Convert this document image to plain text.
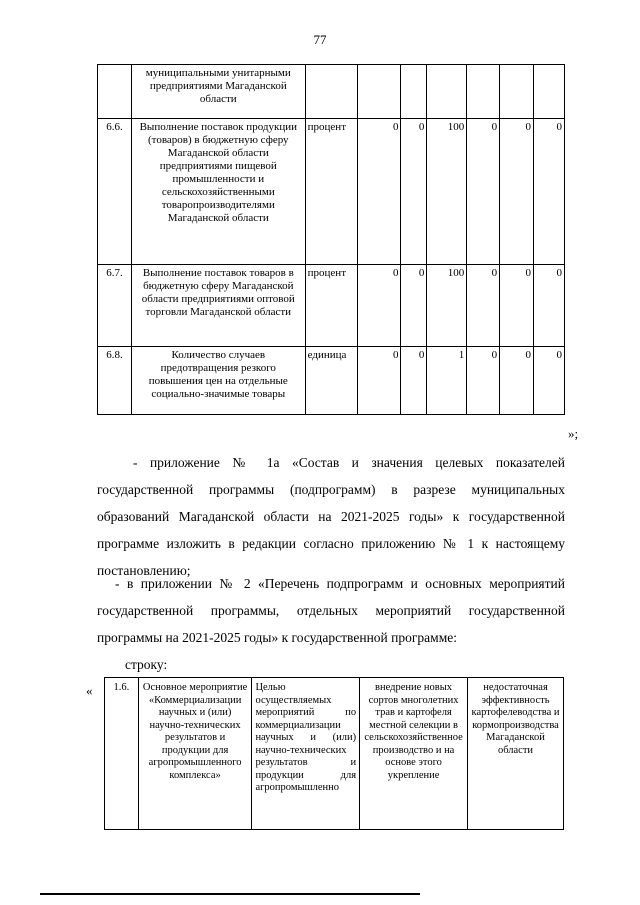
77
	муниципальными унитарными предприятиями Магаданской области							
6.6.	Выполнение поставок продукции (товаров) в бюджетную сферу Магаданской области предприятиями пищевой промышленности и сельскохозяйственными товаропроизводителями Магаданской области	процент	0	0	100	0	0	0
6.7.	Выполнение поставок товаров в бюджетную сферу Магаданской области предприятиями оптовой торговли Магаданской области	процент	0	0	100	0	0	0
6.8.	Количество случаев предотвращения резкого повышения цен на отдельные социально-значимые товары	единица	0	0	1	0	0	0
»;
- приложение № 1а «Состав и значения целевых показателей государственной программы (подпрограмм) в разрезе муниципальных образований Магаданской области на 2021-2025 годы» к государственной программе изложить в редакции согласно приложению № 1 к настоящему постановлению;
- в приложении № 2 «Перечень подпрограмм и основных мероприятий государственной программы, отдельных мероприятий государственной программы на 2021-2025 годы» к государственной программе:
строку:
« 1.6.	Основное мероприятие «Коммерциализации научных и (или) научно-технических результатов и продукции для агропромышленного комплекса»	Целью осуществляемых мероприятий по коммерциализации научных и (или) научно-технических результатов и продукции для агропромышленно	внедрение новых сортов многолетних трав и картофеля местной селекции в сельскохозяйственное производство и на основе этого укрепление	недостаточная эффективность картофелеводства и кормопроизводства Магаданской области
